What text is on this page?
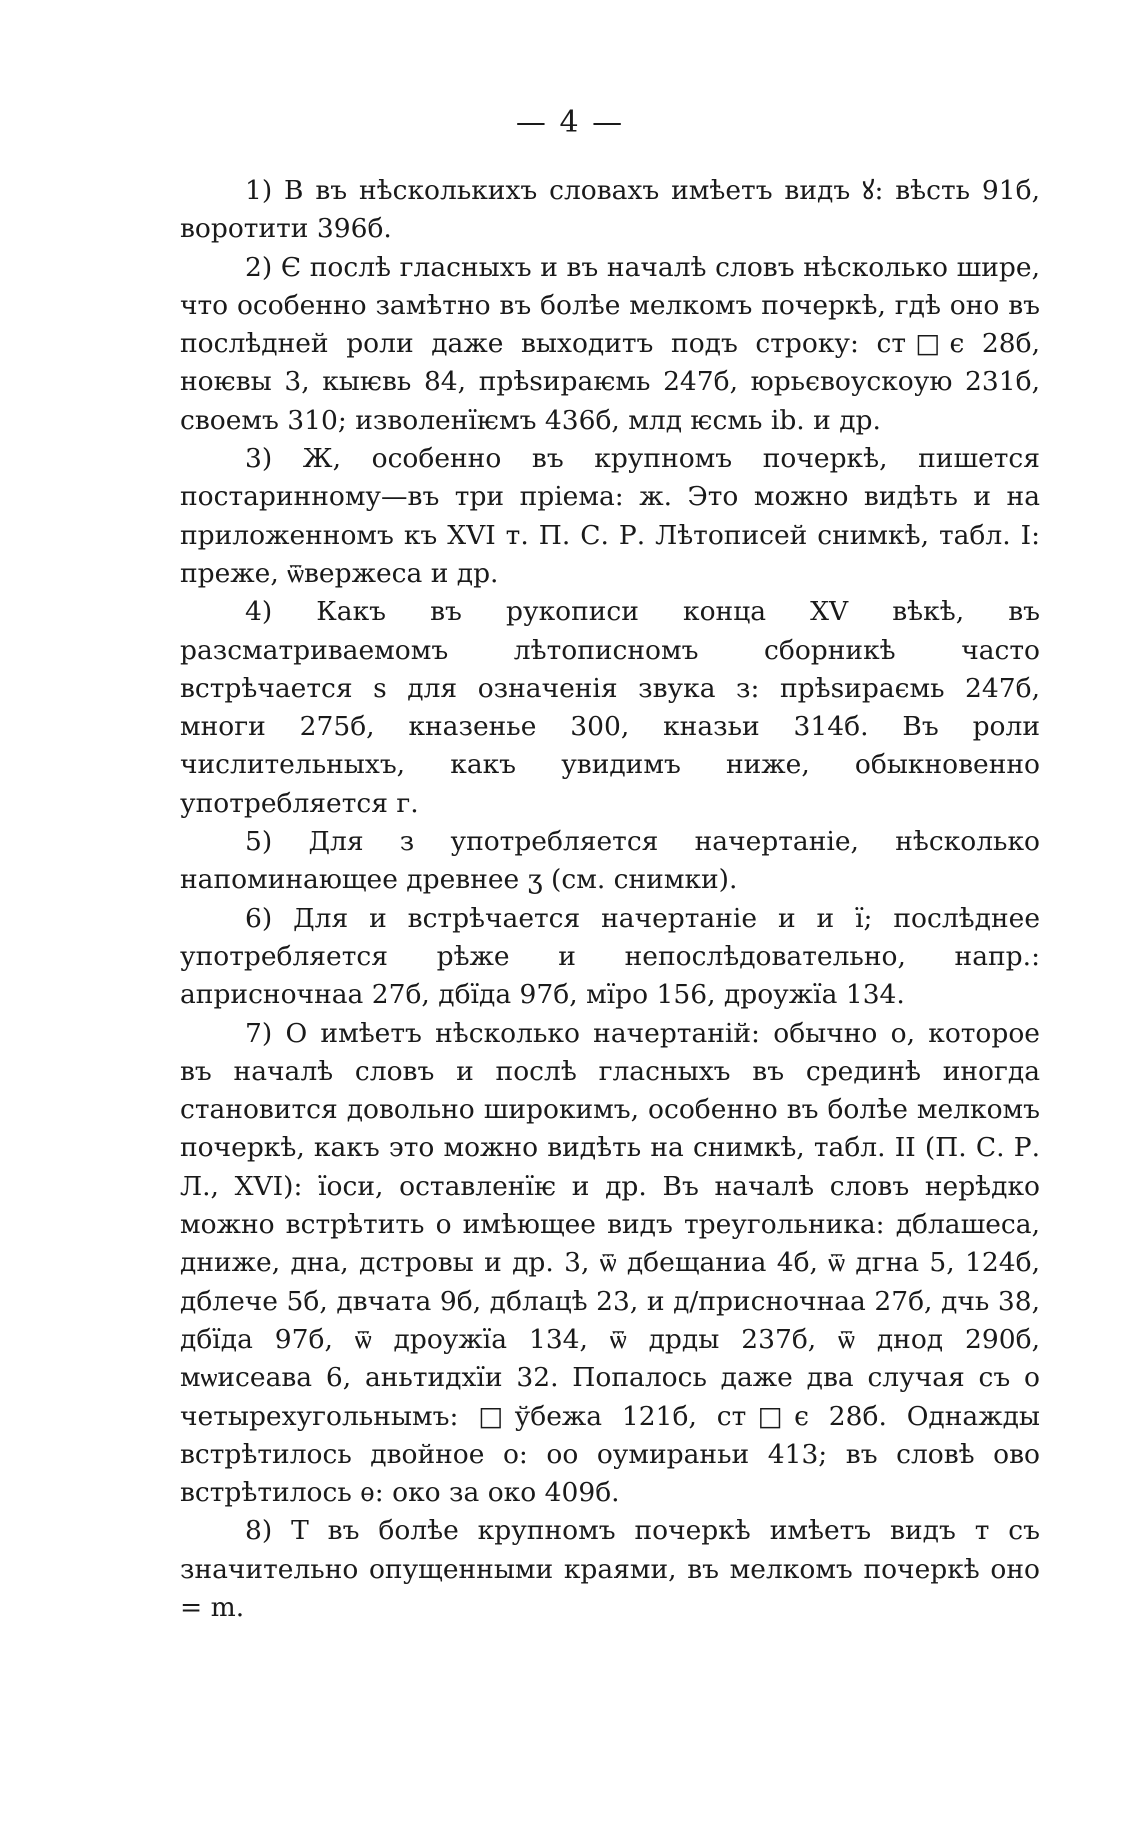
— 4 —

1) В въ нѣсколькихъ словахъ имѣетъ видъ ꙋ: вѣсть 91б, воротити 396б.

2) Є послѣ гласныхъ и въ началѣ словъ нѣсколько шире, что особенно замѣтно въ болѣе мелкомъ почеркѣ, гдѣ оно въ послѣдней роли даже выходитъ подъ строку: ст□є 28б, ноѥвы 3, кыѥвь 84, прѣѕираѥмь 247б, юрьєвоускоую 231б, своемъ 310; изволенїѥмъ 436б, млд ѥсмь іb. и др.

3) Ж, особенно въ крупномъ почеркѣ, пишется постаринному—въ три пріема: ж. Это можно видѣть и на приложенномъ къ XVI т. П. С. Р. Лѣтописей снимкѣ, табл. I: преже, ѿвержеса и др.

4) Какъ въ рукописи конца XV вѣкѣ, въ разсматриваемомъ лѣтописномъ сборникѣ часто встрѣчается ѕ для означенія звука з: прѣѕираємь 247б, многи 275б, кназенье 300, кназьи 314б. Въ роли числительныхъ, какъ увидимъ ниже, обыкновенно употребляется г.

5) Для з употребляется начертаніе, нѣсколько напоминающее древнее ӡ (см. снимки).

6) Для и встрѣчается начертаніе и и ї; послѣднее употребляется рѣже и непослѣдовательно, напр.: априсночнаа 27б, дбїда 97б, мїро 156, дроужїа 134.

7) О имѣетъ нѣсколько начертаній: обычно о, которое въ началѣ словъ и послѣ гласныхъ въ срединѣ иногда становится довольно широкимъ, особенно въ болѣе мелкомъ почеркѣ, какъ это можно видѣть на снимкѣ, табл. II (П. С. Р. Л., XVI): їоси, оставленїѥ и др. Въ началѣ словъ нерѣдко можно встрѣтить о имѣющее видъ треугольника: дблашеса, дниже, дна, дстровы и др. 3, ѿ дбещаниа 4б, ѿ дгна 5, 124б, дблече 5б, двчата 9б, дблацѣ 23, и д/присночнаа 27б, дчь 38, дбїда 97б, ѿ дроужїа 134, ѿ дрды 237б, ѿ днод 290б, мѡисеава 6, аньтидхїи 32. Попалось даже два случая съ о четырехугольнымъ: □ўбежа 121б, ст□є 28б. Однажды встрѣтилось двойное о: оо оумираньи 413; въ словѣ ово встрѣтилось ѳ: око за око 409б.

8) Т въ болѣе крупномъ почеркѣ имѣетъ видъ т съ значительно опущенными краями, въ мелкомъ почеркѣ оно = m.
